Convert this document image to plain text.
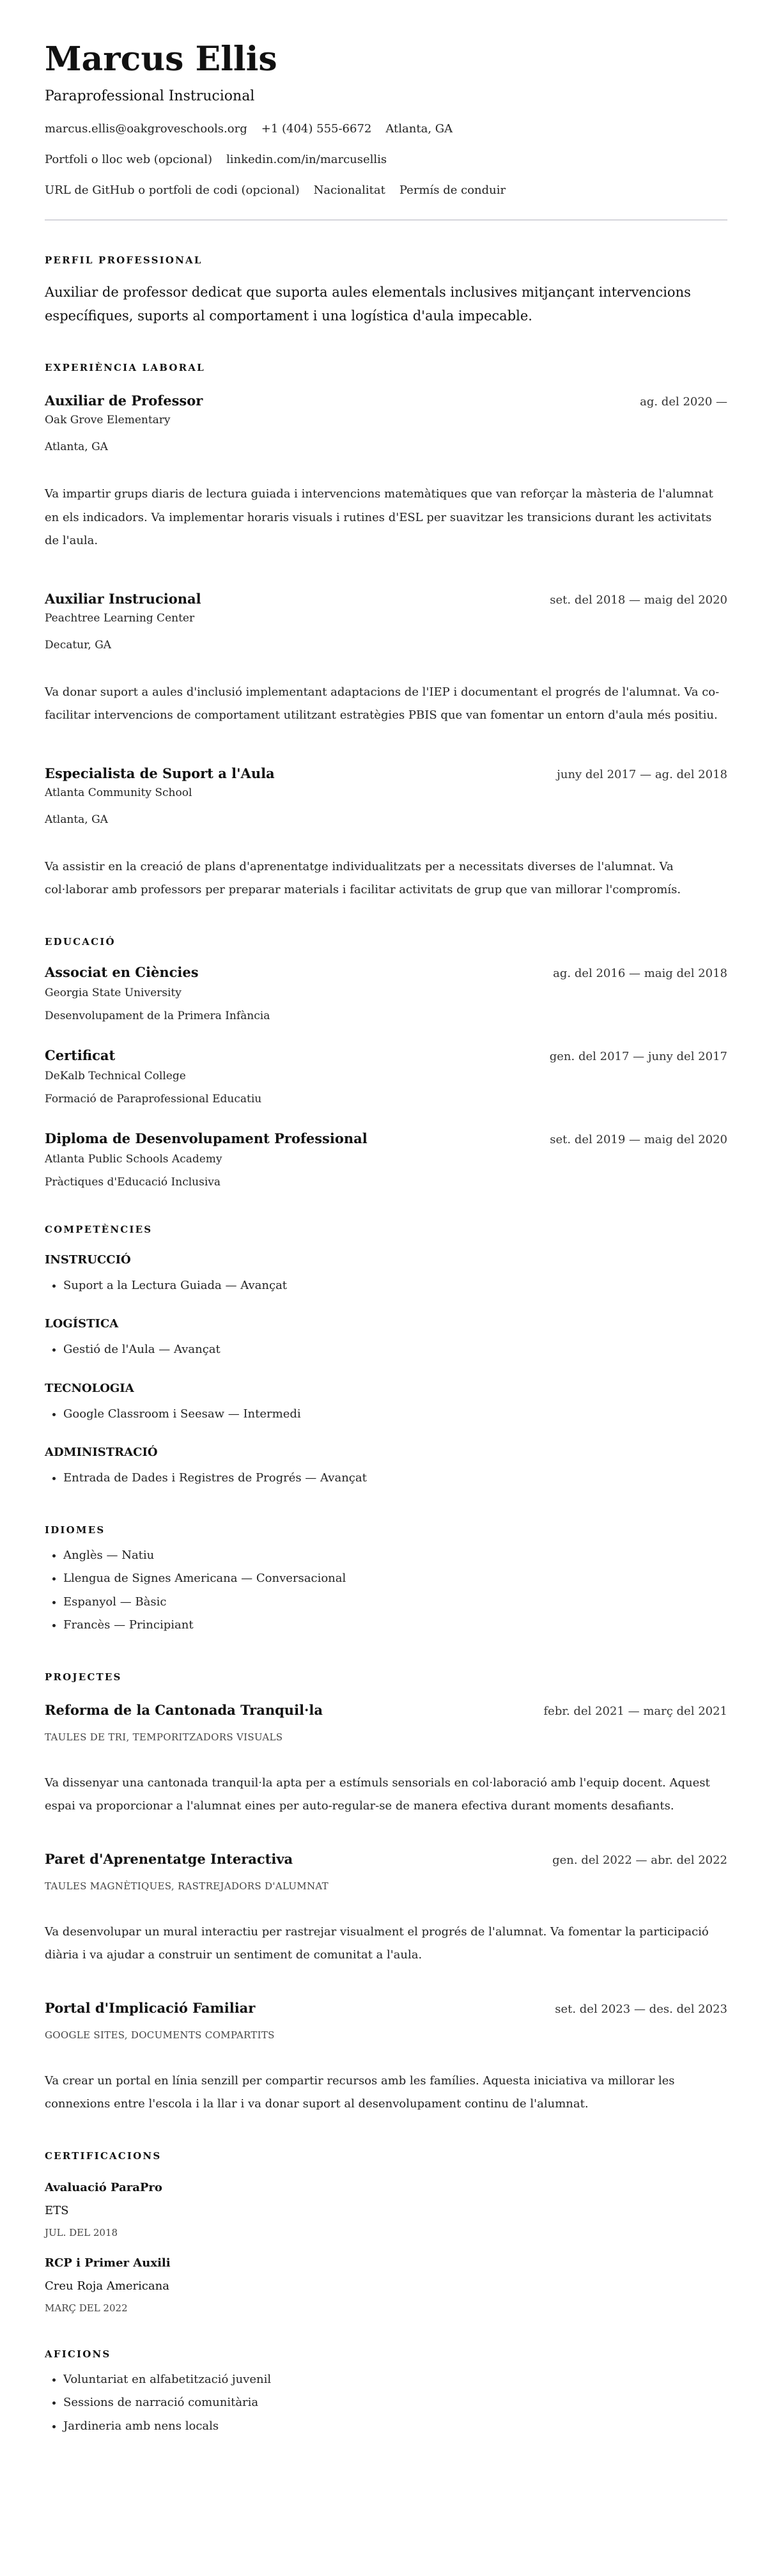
Marcus Ellis
Paraprofessional Instrucional
marcus.ellis@oakgroveschools.org +1 (404) 555-6672 Atlanta, GA
Portfoli o lloc web (opcional) linkedin.com/in/marcusellis
URL de GitHub o portfoli de codi (opcional) Nacionalitat Permís de conduir
PERFIL PROFESSIONAL
Auxiliar de professor dedicat que suporta aules elementals inclusives mitjançant intervencions específiques, suports al comportament i una logística d'aula impecable.
EXPERIÈNCIA LABORAL
Auxiliar de Professor	ag. del 2020 —
Oak Grove Elementary
Atlanta, GA
Va impartir grups diaris de lectura guiada i intervencions matemàtiques que van reforçar la màsteria de l'alumnat en els indicadors. Va implementar horaris visuals i rutines d'ESL per suavitzar les transicions durant les activitats de l'aula.
Auxiliar Instrucional	set. del 2018 — maig del 2020
Peachtree Learning Center
Decatur, GA
Va donar suport a aules d'inclusió implementant adaptacions de l'IEP i documentant el progrés de l'alumnat. Va co-facilitar intervencions de comportament utilitzant estratègies PBIS que van fomentar un entorn d'aula més positiu.
Especialista de Suport a l'Aula	juny del 2017 — ag. del 2018
Atlanta Community School
Atlanta, GA
Va assistir en la creació de plans d'aprenentatge individualitzats per a necessitats diverses de l'alumnat. Va col·laborar amb professors per preparar materials i facilitar activitats de grup que van millorar l'compromís.
EDUCACIÓ
Associat en Ciències	ag. del 2016 — maig del 2018
Georgia State University
Desenvolupament de la Primera Infància
Certificat	gen. del 2017 — juny del 2017
DeKalb Technical College
Formació de Paraprofessional Educatiu
Diploma de Desenvolupament Professional	set. del 2019 — maig del 2020
Atlanta Public Schools Academy
Pràctiques d'Educació Inclusiva
COMPETÈNCIES
INSTRUCCIÓ
• Suport a la Lectura Guiada — Avançat
LOGÍSTICA
• Gestió de l'Aula — Avançat
TECNOLOGIA
• Google Classroom i Seesaw — Intermedi
ADMINISTRACIÓ
• Entrada de Dades i Registres de Progrés — Avançat
IDIOMES
• Anglès — Natiu
• Llengua de Signes Americana — Conversacional
• Espanyol — Bàsic
• Francès — Principiant
PROJECTES
Reforma de la Cantonada Tranquil·la	febr. del 2021 — març del 2021
TAULES DE TRI, TEMPORITZADORS VISUALS
Va dissenyar una cantonada tranquil·la apta per a estímuls sensorials en col·laboració amb l'equip docent. Aquest espai va proporcionar a l'alumnat eines per auto-regular-se de manera efectiva durant moments desafiants.
Paret d'Aprenentatge Interactiva	gen. del 2022 — abr. del 2022
TAULES MAGNÈTIQUES, RASTREJADORS D'ALUMNAT
Va desenvolupar un mural interactiu per rastrejar visualment el progrés de l'alumnat. Va fomentar la participació diària i va ajudar a construir un sentiment de comunitat a l'aula.
Portal d'Implicació Familiar	set. del 2023 — des. del 2023
GOOGLE SITES, DOCUMENTS COMPARTITS
Va crear un portal en línia senzill per compartir recursos amb les famílies. Aquesta iniciativa va millorar les connexions entre l'escola i la llar i va donar suport al desenvolupament continu de l'alumnat.
CERTIFICACIONS
Avaluació ParaPro
ETS
JUL. DEL 2018
RCP i Primer Auxili
Creu Roja Americana
MARÇ DEL 2022
AFICIONS
• Voluntariat en alfabetització juvenil
• Sessions de narració comunitària
• Jardineria amb nens locals
